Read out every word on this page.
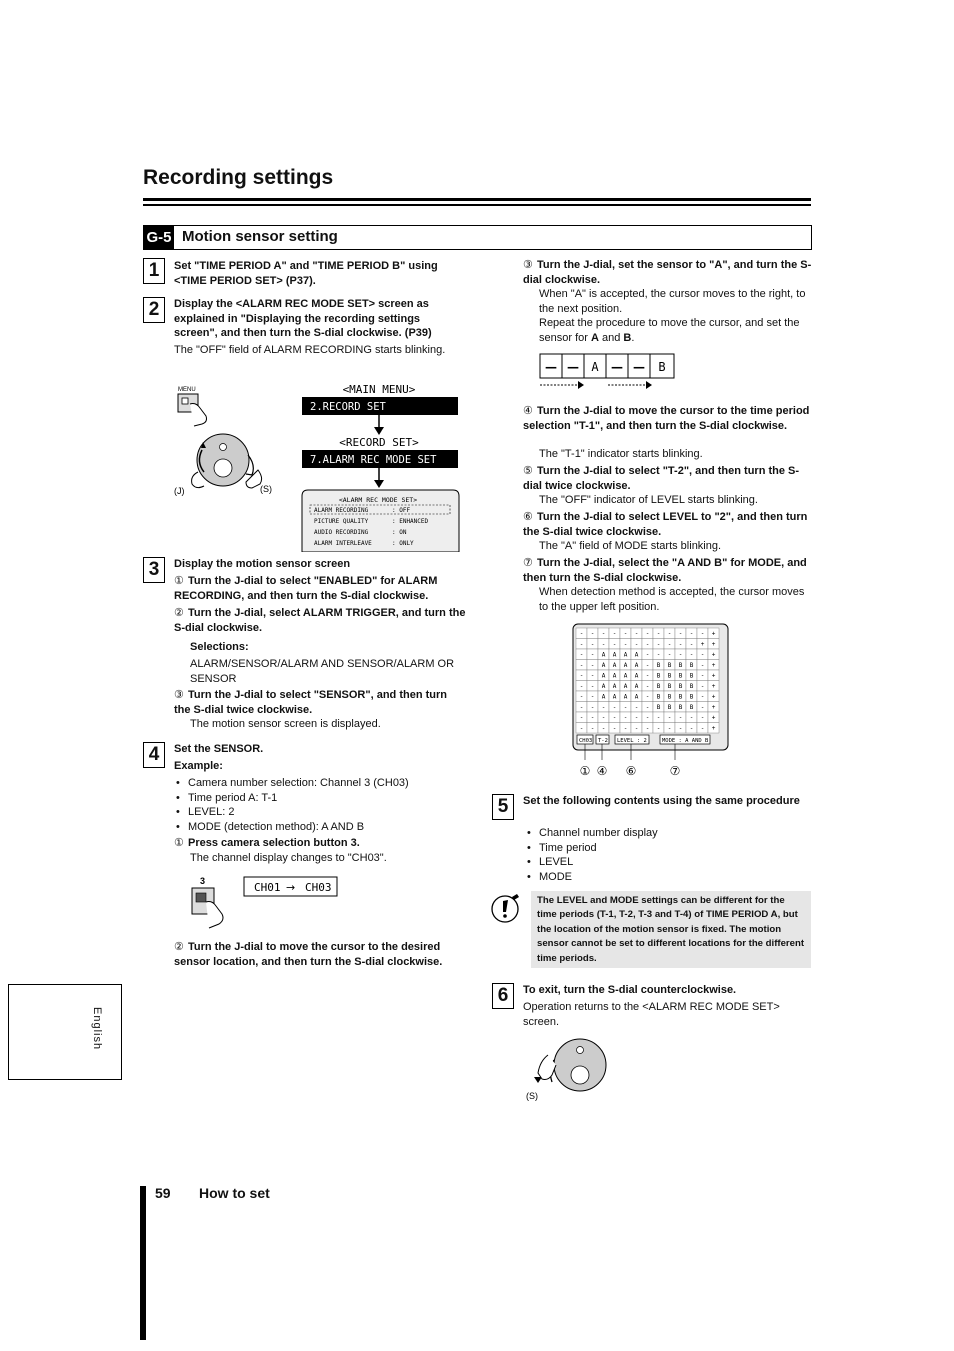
Recording settings
G-5 Motion sensor setting
1	Set "TIME PERIOD A" and "TIME PERIOD B" using <TIME PERIOD SET> (P37).
2	Display the <ALARM REC MODE SET> screen as explained in "Displaying the recording settings screen", and then turn the S-dial clockwise. (P39)
The "OFF" field of ALARM RECORDING starts blinking.
MENU
(J)	(S)
<MAIN MENU>
2.RECORD SET
<RECORD SET>
7.ALARM REC MODE SET
<ALARM REC MODE SET>
ALARM RECORDING	: OFF
PICTURE QUALITY	: ENHANCED
AUDIO RECORDING	: ON
ALARM INTERLEAVE	: ONLY
3	Display the motion sensor screen
① Turn the J-dial to select "ENABLED" for ALARM RECORDING, and then turn the S-dial clockwise.
② Turn the J-dial, select ALARM TRIGGER, and turn the S-dial clockwise.
Selections:
ALARM/SENSOR/ALARM AND SENSOR/ALARM OR SENSOR
③ Turn the J-dial to select "SENSOR", and then turn the S-dial twice clockwise.
The motion sensor screen is displayed.
4	Set the SENSOR.
Example:
• Camera number selection: Channel 3 (CH03)
• Time period A: T-1
• LEVEL: 2
• MODE (detection method): A AND B
① Press camera selection button 3.
The channel display changes to "CH03".
3	CH01 → CH03
② Turn the J-dial to move the cursor to the desired sensor location, and then turn the S-dial clockwise.
③ Turn the J-dial, set the sensor to "A", and turn the S-dial clockwise.
When "A" is accepted, the cursor moves to the right, to the next position.
Repeat the procedure to move the cursor, and set the sensor for A and B.
— — A — — B
④ Turn the J-dial to move the cursor to the time period selection "T-1", and then turn the S-dial clockwise.
The "T-1" indicator starts blinking.
⑤ Turn the J-dial to select "T-2", and then turn the S-dial twice clockwise.
The "OFF" indicator of LEVEL starts blinking.
⑥ Turn the J-dial to select LEVEL to "2", and then turn the S-dial twice clockwise.
The "A" field of MODE starts blinking.
⑦ Turn the J-dial, select the "A AND B" for MODE, and then turn the S-dial clockwise.
When detection method is accepted, the cursor moves to the upper left position.
- - - - - - - - - - - - +
- - - - - - - - - - - + +
- - A A A A - - - - - - +
- - A A A A - B B B B - +
- - A A A A - B B B B - +
- - A A A A - B B B B - +
- - A A A A - B B B B - +
- - - - - - - B B B B - +
- - - - - - - - - - - - +
- - - - - - - - - - - - +
CH03 T-2 LEVEL : 2	MODE : A AND B
① ④ ⑥	⑦
5	Set the following contents using the same procedure
• Channel number display
• Time period
• LEVEL
• MODE
The LEVEL and MODE settings can be different for the time periods (T-1, T-2, T-3 and T-4) of TIME PERIOD A, but the location of the motion sensor is fixed. The motion sensor cannot be set to different locations for the different time periods.
6	To exit, turn the S-dial counterclockwise.
Operation returns to the <ALARM REC MODE SET> screen.
(S)
English
59 How to set
